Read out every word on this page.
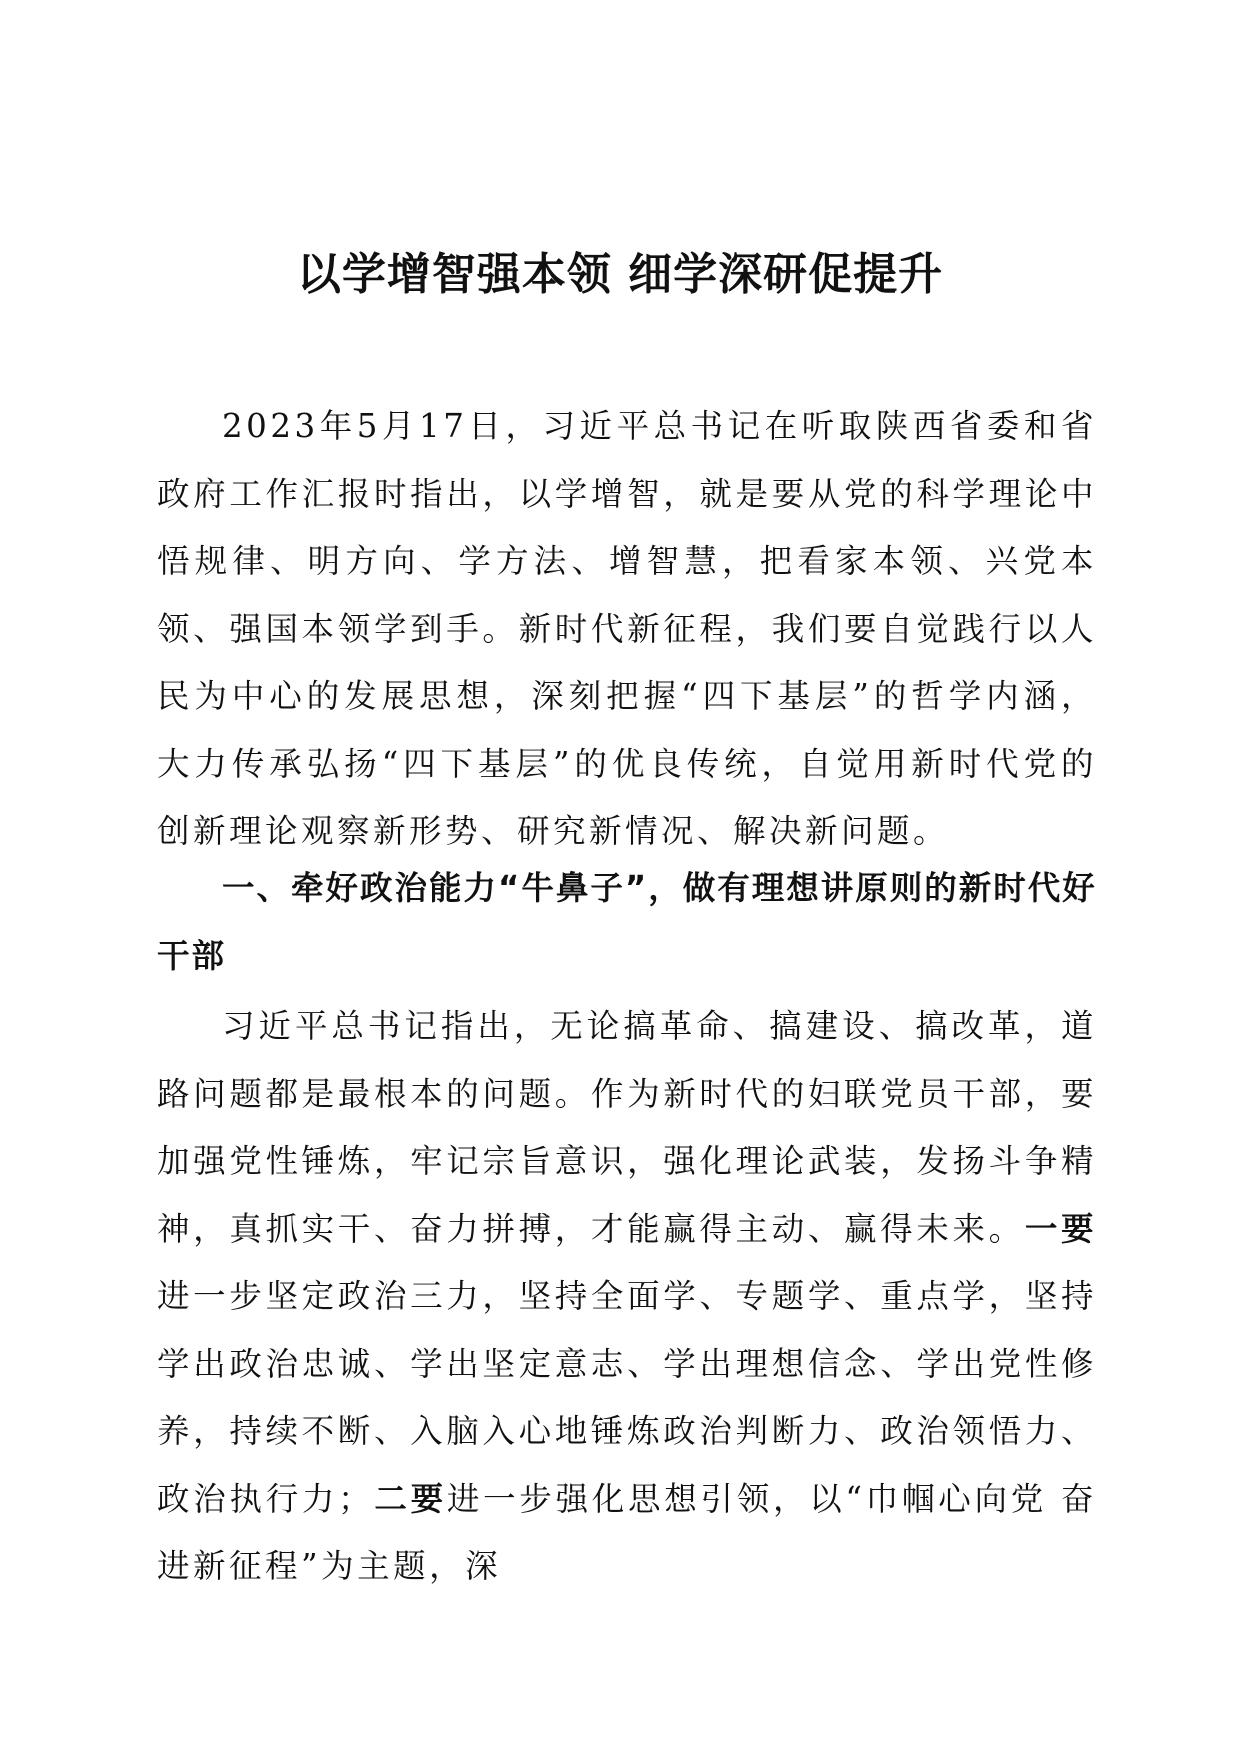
以学增智强本领 细学深研促提升

2023年5月17日，习近平总书记在听取陕西省委和省政府工作汇报时指出，以学增智，就是要从党的科学理论中悟规律、明方向、学方法、增智慧，把看家本领、兴党本领、强国本领学到手。新时代新征程，我们要自觉践行以人民为中心的发展思想，深刻把握“四下基层”的哲学内涵，大力传承弘扬“四下基层”的优良传统，自觉用新时代党的创新理论观察新形势、研究新情况、解决新问题。

一、牵好政治能力“牛鼻子”，做有理想讲原则的新时代好干部

习近平总书记指出，无论搞革命、搞建设、搞改革，道路问题都是最根本的问题。作为新时代的妇联党员干部，要加强党性锤炼，牢记宗旨意识，强化理论武装，发扬斗争精神，真抓实干、奋力拼搏，才能赢得主动、赢得未来。一要进一步坚定政治三力，坚持全面学、专题学、重点学，坚持学出政治忠诚、学出坚定意志、学出理想信念、学出党性修养，持续不断、入脑入心地锤炼政治判断力、政治领悟力、政治执行力；二要进一步强化思想引领，以“巾帼心向党 奋进新征程”为主题，深
